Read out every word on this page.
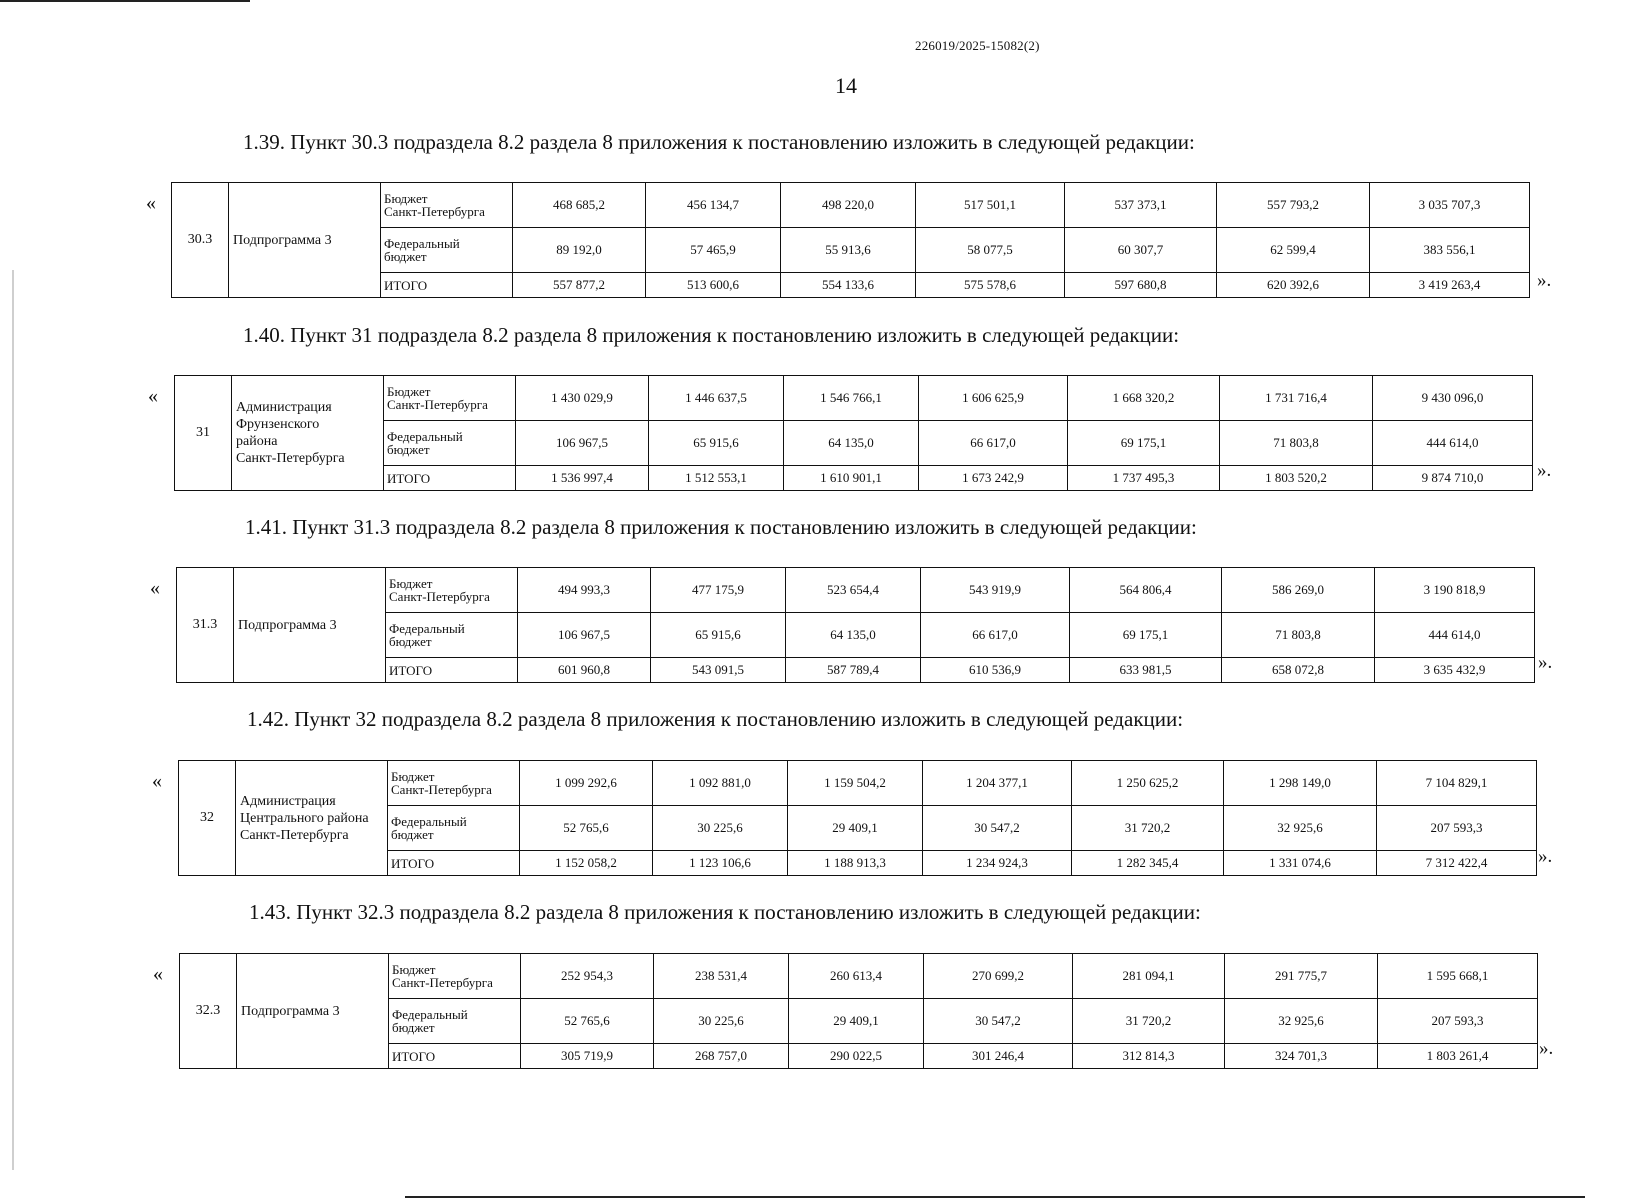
226019/2025-15082(2)
14
1.39. Пункт 30.3 подраздела 8.2 раздела 8 приложения к постановлению изложить в следующей редакции:
«
30.3	Подпрограмма 3	Бюджет
Санкт-Петербурга	468 685,2	456 134,7	498 220,0	517 501,1	537 373,1	557 793,2	3 035 707,3
		Федеральный
бюджет	89 192,0	57 465,9	55 913,6	58 077,5	60 307,7	62 599,4	383 556,1
		ИТОГО	557 877,2	513 600,6	554 133,6	575 578,6	597 680,8	620 392,6	3 419 263,4	».
1.40. Пункт 31 подраздела 8.2 раздела 8 приложения к постановлению изложить в следующей редакции:
«
31	Администрация
Фрунзенского
района
Санкт-Петербурга	Бюджет
Санкт-Петербурга	1 430 029,9	1 446 637,5	1 546 766,1	1 606 625,9	1 668 320,2	1 731 716,4	9 430 096,0
		Федеральный
бюджет	106 967,5	65 915,6	64 135,0	66 617,0	69 175,1	71 803,8	444 614,0
		ИТОГО	1 536 997,4	1 512 553,1	1 610 901,1	1 673 242,9	1 737 495,3	1 803 520,2	9 874 710,0	».
1.41. Пункт 31.3 подраздела 8.2 раздела 8 приложения к постановлению изложить в следующей редакции:
«
31.3	Подпрограмма 3	Бюджет
Санкт-Петербурга	494 993,3	477 175,9	523 654,4	543 919,9	564 806,4	586 269,0	3 190 818,9
		Федеральный
бюджет	106 967,5	65 915,6	64 135,0	66 617,0	69 175,1	71 803,8	444 614,0
		ИТОГО	601 960,8	543 091,5	587 789,4	610 536,9	633 981,5	658 072,8	3 635 432,9	».
1.42. Пункт 32 подраздела 8.2 раздела 8 приложения к постановлению изложить в следующей редакции:
«
32	Администрация
Центрального района
Санкт-Петербурга	Бюджет
Санкт-Петербурга	1 099 292,6	1 092 881,0	1 159 504,2	1 204 377,1	1 250 625,2	1 298 149,0	7 104 829,1
		Федеральный
бюджет	52 765,6	30 225,6	29 409,1	30 547,2	31 720,2	32 925,6	207 593,3
		ИТОГО	1 152 058,2	1 123 106,6	1 188 913,3	1 234 924,3	1 282 345,4	1 331 074,6	7 312 422,4	».
1.43. Пункт 32.3 подраздела 8.2 раздела 8 приложения к постановлению изложить в следующей редакции:
«
32.3	Подпрограмма 3	Бюджет
Санкт-Петербурга	252 954,3	238 531,4	260 613,4	270 699,2	281 094,1	291 775,7	1 595 668,1
		Федеральный
бюджет	52 765,6	30 225,6	29 409,1	30 547,2	31 720,2	32 925,6	207 593,3
		ИТОГО	305 719,9	268 757,0	290 022,5	301 246,4	312 814,3	324 701,3	1 803 261,4	».
